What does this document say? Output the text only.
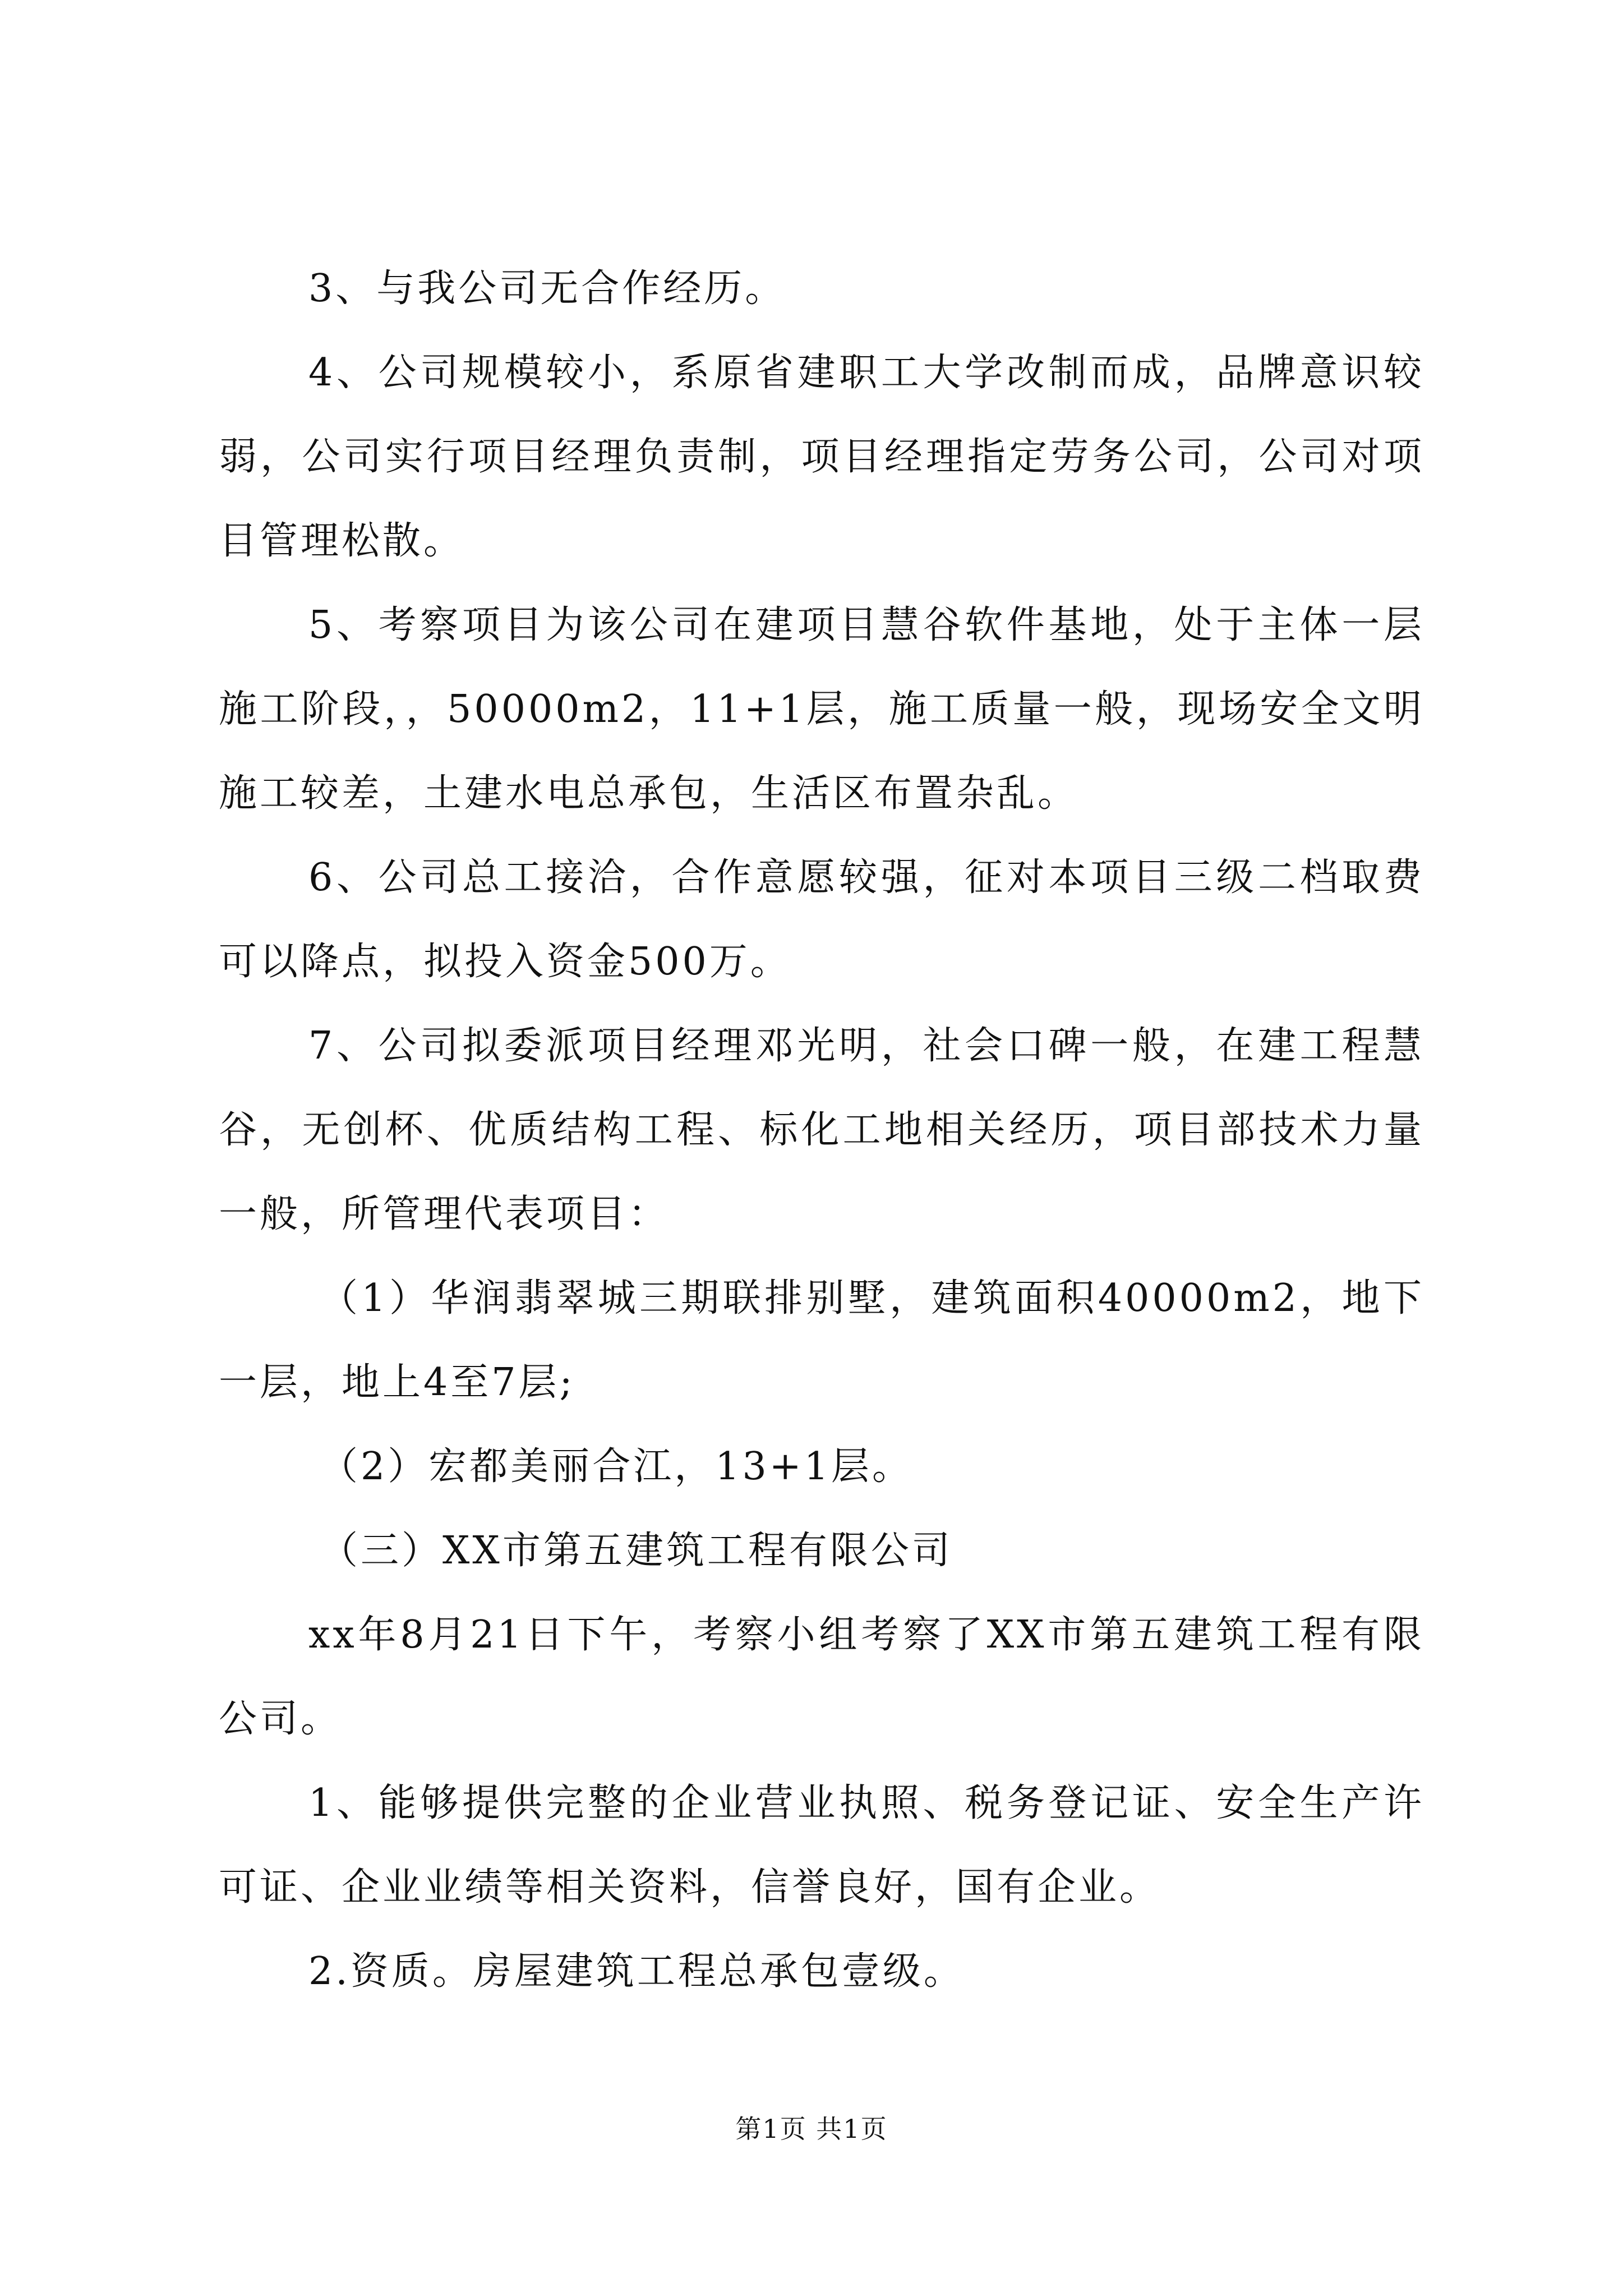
3、与我公司无合作经历。

4、公司规模较小，系原省建职工大学改制而成，品牌意识较弱，公司实行项目经理负责制，项目经理指定劳务公司，公司对项目管理松散。

5、考察项目为该公司在建项目慧谷软件基地，处于主体一层施工阶段，，50000m2，11+1层，施工质量一般，现场安全文明施工较差，土建水电总承包，生活区布置杂乱。

6、公司总工接洽，合作意愿较强，征对本项目三级二档取费可以降点，拟投入资金500万。

7、公司拟委派项目经理邓光明，社会口碑一般，在建工程慧谷，无创杯、优质结构工程、标化工地相关经历，项目部技术力量一般，所管理代表项目：

（1）华润翡翠城三期联排别墅，建筑面积40000m2，地下一层，地上4至7层;

（2）宏都美丽合江，13+1层。

（三）XX市第五建筑工程有限公司

xx年8月21日下午，考察小组考察了XX市第五建筑工程有限公司。

1、能够提供完整的企业营业执照、税务登记证、安全生产许可证、企业业绩等相关资料，信誉良好，国有企业。

2.资质。房屋建筑工程总承包壹级。

第1页 共1页
